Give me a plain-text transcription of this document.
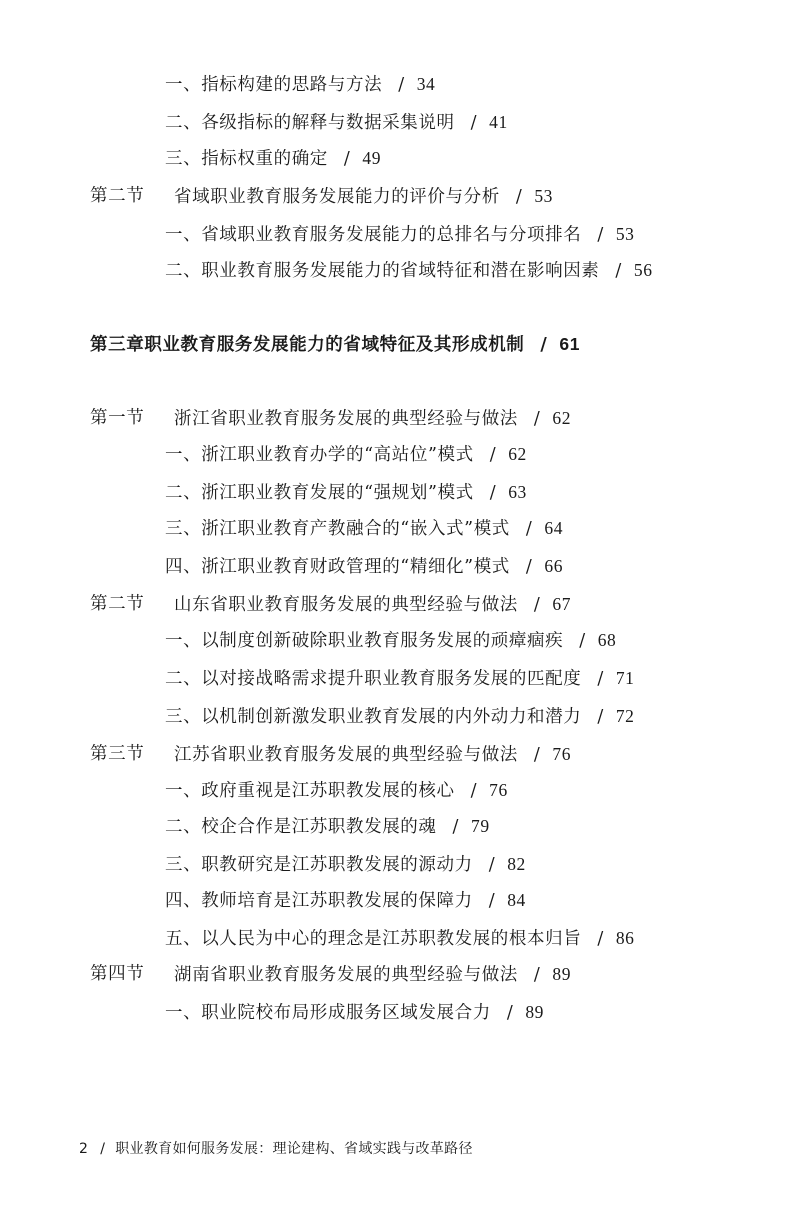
一、指标构建的思路与方法 / 34
二、各级指标的解释与数据采集说明 / 41
三、指标权重的确定 / 49
第二节 省域职业教育服务发展能力的评价与分析 / 53
一、省域职业教育服务发展能力的总排名与分项排名 / 53
二、职业教育服务发展能力的省域特征和潜在影响因素 / 56
第三章职业教育服务发展能力的省域特征及其形成机制 / 61
第一节 浙江省职业教育服务发展的典型经验与做法 / 62
一、浙江职业教育办学的“高站位”模式 / 62
二、浙江职业教育发展的“强规划”模式 / 63
三、浙江职业教育产教融合的“嵌入式”模式 / 64
四、浙江职业教育财政管理的“精细化”模式 / 66
第二节 山东省职业教育服务发展的典型经验与做法 / 67
一、以制度创新破除职业教育服务发展的顽瘴痼疾 / 68
二、以对接战略需求提升职业教育服务发展的匹配度 / 71
三、以机制创新激发职业教育发展的内外动力和潜力 / 72
第三节 江苏省职业教育服务发展的典型经验与做法 / 76
一、政府重视是江苏职教发展的核心 / 76
二、校企合作是江苏职教发展的魂 / 79
三、职教研究是江苏职教发展的源动力 / 82
四、教师培育是江苏职教发展的保障力 / 84
五、以人民为中心的理念是江苏职教发展的根本归旨 / 86
第四节 湖南省职业教育服务发展的典型经验与做法 / 89
一、职业院校布局形成服务区域发展合力 / 89
2 / 职业教育如何服务发展：理论建构、省域实践与改革路径
